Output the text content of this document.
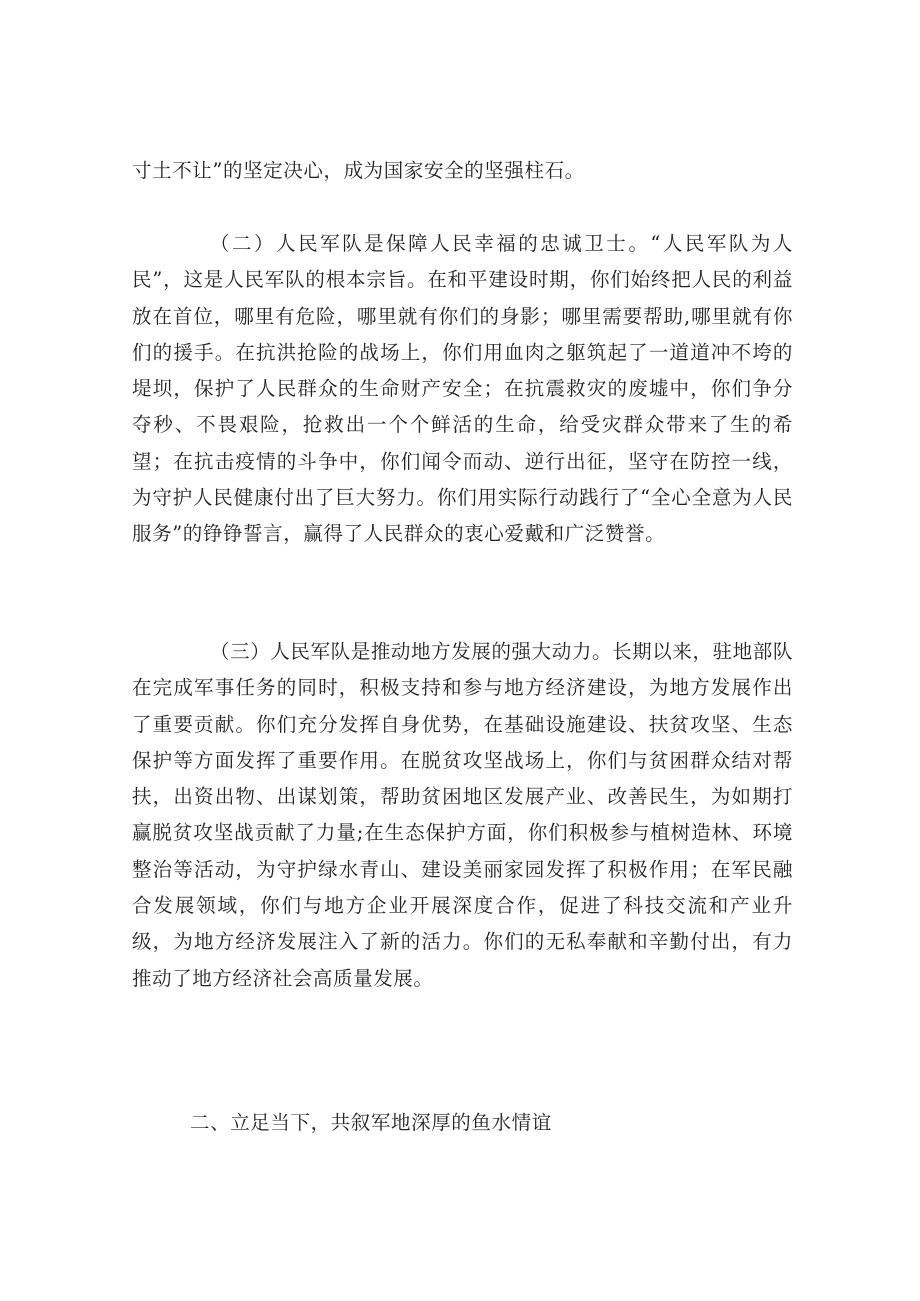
寸土不让”的坚定决心，成为国家安全的坚强柱石。

（二）人民军队是保障人民幸福的忠诚卫士。“人民军队为人民”，这是人民军队的根本宗旨。在和平建设时期，你们始终把人民的利益放在首位，哪里有危险，哪里就有你们的身影；哪里需要帮助,哪里就有你们的援手。在抗洪抢险的战场上，你们用血肉之躯筑起了一道道冲不垮的堤坝，保护了人民群众的生命财产安全；在抗震救灾的废墟中，你们争分夺秒、不畏艰险，抢救出一个个鲜活的生命，给受灾群众带来了生的希望；在抗击疫情的斗争中，你们闻令而动、逆行出征，坚守在防控一线，为守护人民健康付出了巨大努力。你们用实际行动践行了“全心全意为人民服务”的铮铮誓言，赢得了人民群众的衷心爱戴和广泛赞誉。

（三）人民军队是推动地方发展的强大动力。长期以来，驻地部队在完成军事任务的同时，积极支持和参与地方经济建设，为地方发展作出了重要贡献。你们充分发挥自身优势，在基础设施建设、扶贫攻坚、生态保护等方面发挥了重要作用。在脱贫攻坚战场上，你们与贫困群众结对帮扶，出资出物、出谋划策，帮助贫困地区发展产业、改善民生，为如期打赢脱贫攻坚战贡献了力量;在生态保护方面，你们积极参与植树造林、环境整治等活动，为守护绿水青山、建设美丽家园发挥了积极作用；在军民融合发展领域，你们与地方企业开展深度合作，促进了科技交流和产业升级，为地方经济发展注入了新的活力。你们的无私奉献和辛勤付出，有力推动了地方经济社会高质量发展。

二、立足当下，共叙军地深厚的鱼水情谊
